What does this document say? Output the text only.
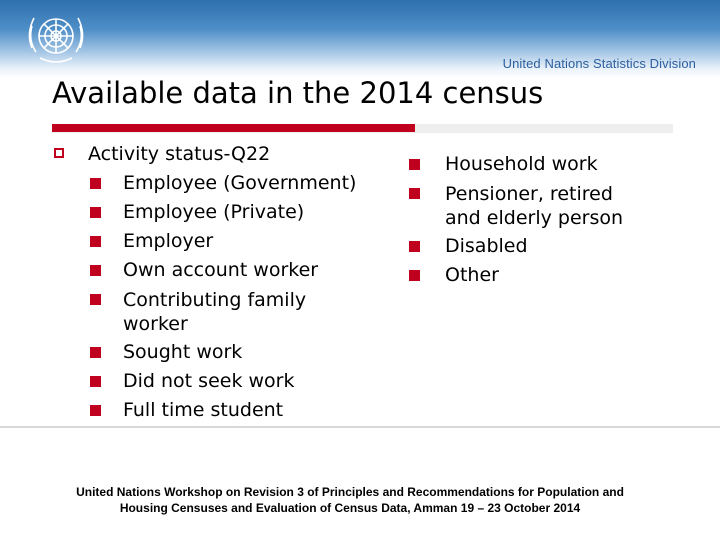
United Nations Statistics Division
Available data in the 2014 census
Activity status-Q22
Employee (Government)
Employee (Private)
Employer
Own account worker
Contributing family worker
Sought work
Did not seek work
Full time student
Household work
Pensioner, retired and elderly person
Disabled
Other
United Nations Workshop on Revision 3 of Principles and Recommendations for Population and
Housing Censuses and Evaluation of Census Data, Amman 19 – 23 October 2014
